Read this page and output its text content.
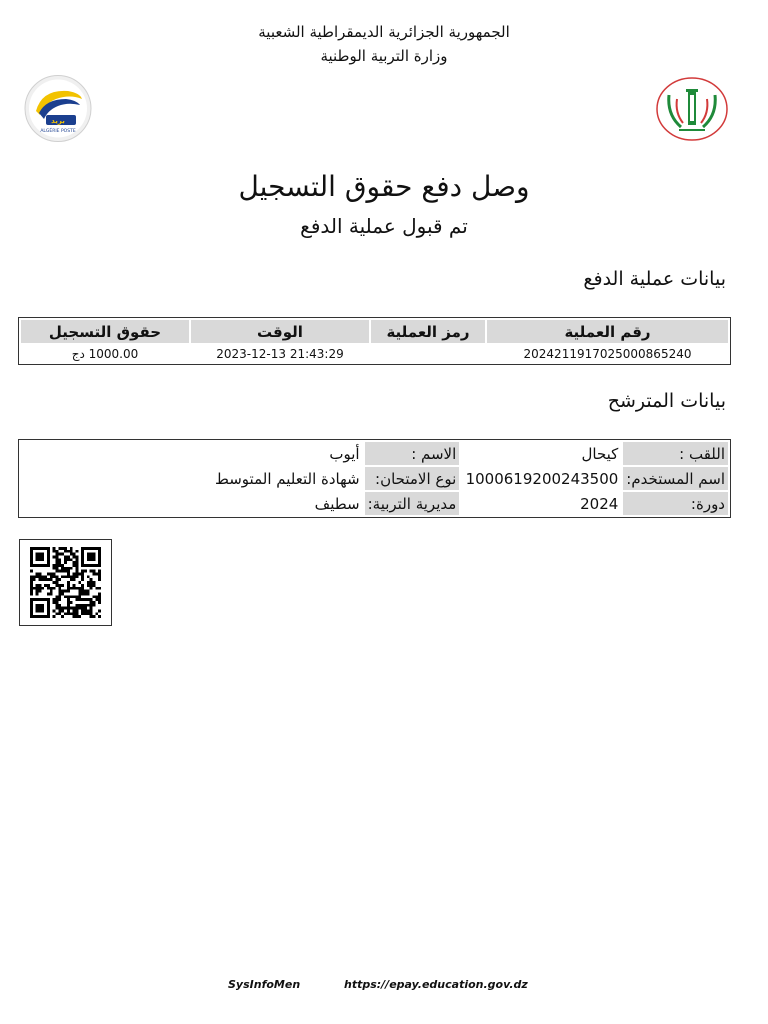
الجمهورية الجزائرية الديمقراطية الشعبية
وزارة التربية الوطنية
بريد
ALGÉRIE POSTE
وصل دفع حقوق التسجيل
تم قبول عملية الدفع
بيانات عملية الدفع
رقم العملية	رمز العملية	الوقت	حقوق التسجيل
20242119170250008652​40		2023-12-13 21:43:29	1000.00 دج
بيانات المترشح
اللقب :	كيحال	الاسم :	أيوب
اسم المستخدم:	1000619200243500	نوع الامتحان:	شهادة التعليم المتوسط
دورة:	2024	مديرية التربية:	سطيف
SysInfoMen	https://epay.education.gov.dz
